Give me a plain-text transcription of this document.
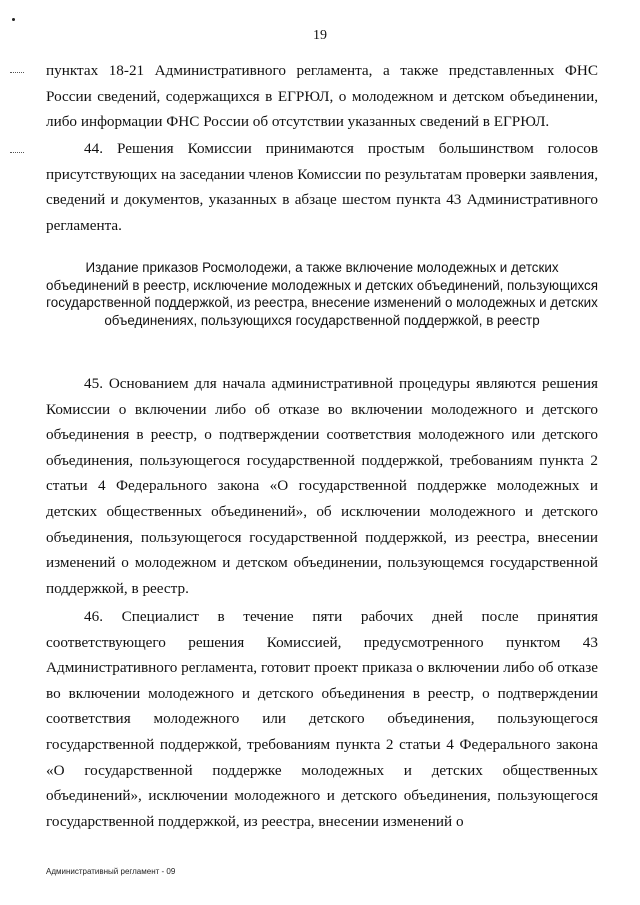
19

пунктах 18-21 Административного регламента, а также представленных ФНС России сведений, содержащихся в ЕГРЮЛ, о молодежном и детском объединении, либо информации ФНС России об отсутствии указанных сведений в ЕГРЮЛ.

44. Решения Комиссии принимаются простым большинством голосов присутствующих на заседании членов Комиссии по результатам проверки заявления, сведений и документов, указанных в абзаце шестом пункта 43 Административного регламента.

Издание приказов Росмолодежи, а также включение молодежных и детских объединений в реестр, исключение молодежных и детских объединений, пользующихся государственной поддержкой, из реестра, внесение изменений о молодежных и детских объединениях, пользующихся государственной поддержкой, в реестр

45. Основанием для начала административной процедуры являются решения Комиссии о включении либо об отказе во включении молодежного и детского объединения в реестр, о подтверждении соответствия молодежного или детского объединения, пользующегося государственной поддержкой, требованиям пункта 2 статьи 4 Федерального закона «О государственной поддержке молодежных и детских общественных объединений», об исключении молодежного и детского объединения, пользующегося государственной поддержкой, из реестра, внесении изменений о молодежном и детском объединении, пользующемся государственной поддержкой, в реестр.

46. Специалист в течение пяти рабочих дней после принятия соответствующего решения Комиссией, предусмотренного пунктом 43 Административного регламента, готовит проект приказа о включении либо об отказе во включении молодежного и детского объединения в реестр, о подтверждении соответствия молодежного или детского объединения, пользующегося государственной поддержкой, требованиям пункта 2 статьи 4 Федерального закона «О государственной поддержке молодежных и детских общественных объединений», исключении молодежного и детского объединения, пользующегося государственной поддержкой, из реестра, внесении изменений о

Административный регламент - 09
